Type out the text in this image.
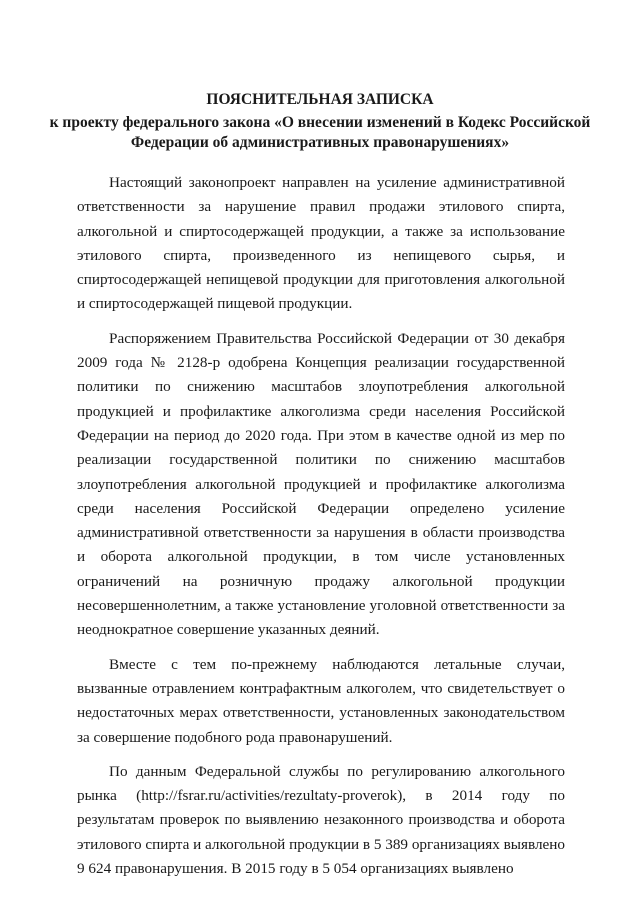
ПОЯСНИТЕЛЬНАЯ ЗАПИСКА
к проекту федерального закона «О внесении изменений в Кодекс Российской Федерации об административных правонарушениях»

Настоящий законопроект направлен на усиление административной ответственности за нарушение правил продажи этилового спирта, алкогольной и спиртосодержащей продукции, а также за использование этилового спирта, произведенного из непищевого сырья, и спиртосодержащей непищевой продукции для приготовления алкогольной и спиртосодержащей пищевой продукции.

Распоряжением Правительства Российской Федерации от 30 декабря 2009 года № 2128-р одобрена Концепция реализации государственной политики по снижению масштабов злоупотребления алкогольной продукцией и профилактике алкоголизма среди населения Российской Федерации на период до 2020 года. При этом в качестве одной из мер по реализации государственной политики по снижению масштабов злоупотребления алкогольной продукцией и профилактике алкоголизма среди населения Российской Федерации определено усиление административной ответственности за нарушения в области производства и оборота алкогольной продукции, в том числе установленных ограничений на розничную продажу алкогольной продукции несовершеннолетним, а также установление уголовной ответственности за неоднократное совершение указанных деяний.

Вместе с тем по-прежнему наблюдаются летальные случаи, вызванные отравлением контрафактным алкоголем, что свидетельствует о недостаточных мерах ответственности, установленных законодательством за совершение подобного рода правонарушений.

По данным Федеральной службы по регулированию алкогольного рынка (http://fsrar.ru/activities/rezultaty-proverok), в 2014 году по результатам проверок по выявлению незаконного производства и оборота этилового спирта и алкогольной продукции в 5 389 организациях выявлено 9 624 правонарушения. В 2015 году в 5 054 организациях выявлено
